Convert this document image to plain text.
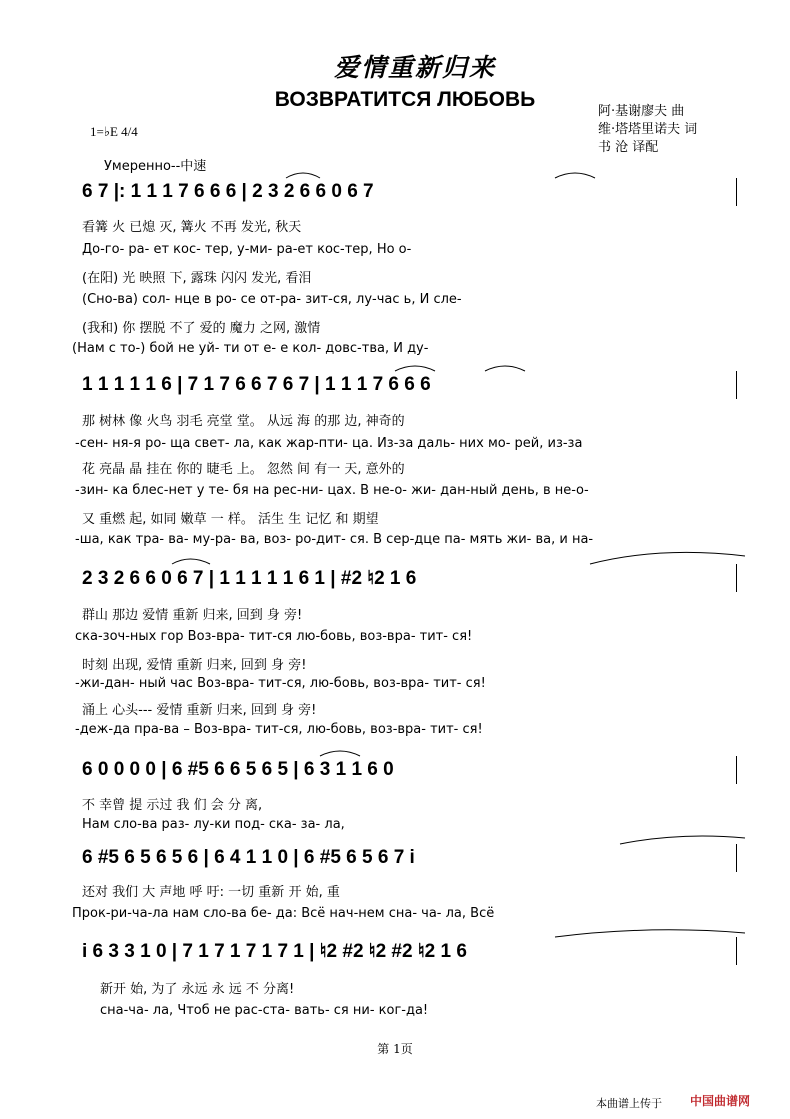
爱情重新归来
ВОЗВРАТИТСЯ ЛЮБОВЬ
阿·基谢廖夫 曲
维·塔塔里诺夫 词
书 沧 译配
1=♭E 4/4
Умеренно--中速
6 7 |: 1 1 1 7 6 6 6 | 2 3 2 6 6 0 6 7
看篝 火 已熄 灭, 篝火 不再 发光, 秋天
До-го- ра- ет кос- тер, у-ми- ра-ет кос-тер, Но о-
(在阳) 光 映照 下, 露珠 闪闪 发光, 看泪
(Сно-ва) сол- нце в ро- се от-ра- зит-ся, лу-час ь, И сле-
(我和) 你 摆脱 不了 爱的 魔力 之网, 激情
(Нам с то-) бой не уй- ти от е- е кол- довс-тва, И ду-
1 1 1 1 1 6 | 7 1 7 6 6 7 6 7 | 1 1 1 7 6 6 6
那 树林 像 火鸟 羽毛 亮堂 堂。 从远 海 的那 边, 神奇的
-сен- ня-я ро- ща свет- ла, как жар-пти- ца. Из-за даль- них мо- рей, из-за
花 亮晶 晶 挂在 你的 睫毛 上。 忽然 间 有一 天, 意外的
-зин- ка блес-нет у те- бя на рес-ни- цах. В не-о- жи- дан-ный день, в не-о-
又 重燃 起, 如同 嫩草 一 样。 活生 生 记忆 和 期望
-ша, как тра- ва- му-ра- ва, воз- ро-дит- ся. В сер-дце па- мять жи- ва, и на-
2 3 2 6 6 0 6 7 | 1 1 1 1 1 6 1 | #2 ♮2 1 6
群山 那边 爱情 重新 归来, 回到 身 旁!
ска-зоч-ных гор Воз-вра- тит-ся лю-бовь, воз-вра- тит- ся!
时刻 出现, 爱情 重新 归来, 回到 身 旁!
-жи-дан- ный час Воз-вра- тит-ся, лю-бовь, воз-вра- тит- ся!
涌上 心头--- 爱情 重新 归来, 回到 身 旁!
-деж-да пра-ва – Воз-вра- тит-ся, лю-бовь, воз-вра- тит- ся!
6 0 0 0 0 | 6 #5 6 6 5 6 5 | 6 3 1 1 6 0
不 幸曾 提 示过 我 们 会 分 离,
Нам сло-ва раз- лу-ки под- ска- за- ла,
6 #5 6 5 6 5 6 | 6 4 1 1 0 | 6 #5 6 5 6 7 i
还对 我们 大 声地 呼 吁: 一切 重新 开 始, 重
Прок-ри-ча-ла нам сло-ва бе- да: Всё нач-нем сна- ча- ла, Всё
i 6 3 3 1 0 | 7 1 7 1 7 1 7 1 | ♮2 #2 ♮2 #2 ♮2 1 6
新开 始, 为了 永远 永 远 不 分离!
сна-ча- ла, Чтоб не рас-ста- вать- ся ни- ког-да!
第 1页
本曲谱上传于 中国曲谱网
